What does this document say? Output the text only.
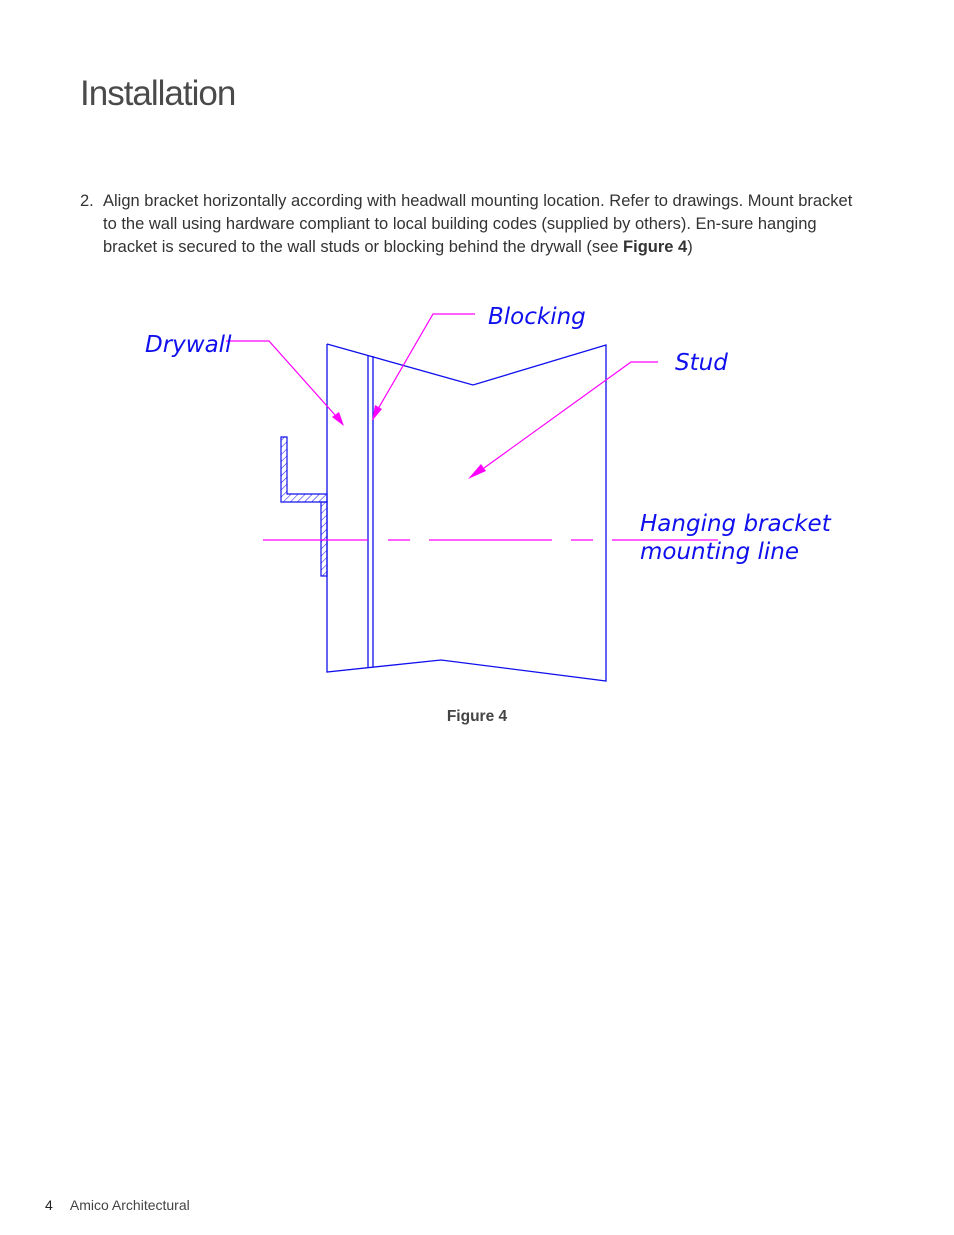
Installation
2. Align bracket horizontally according with headwall mounting location. Refer to drawings. Mount bracket to the wall using hardware compliant to local building codes (supplied by others). En-sure hanging bracket is secured to the wall studs or blocking behind the drywall (see Figure 4)
Drywall
Blocking
Stud
Hanging bracket
mounting line
Figure 4
4 Amico Architectural
